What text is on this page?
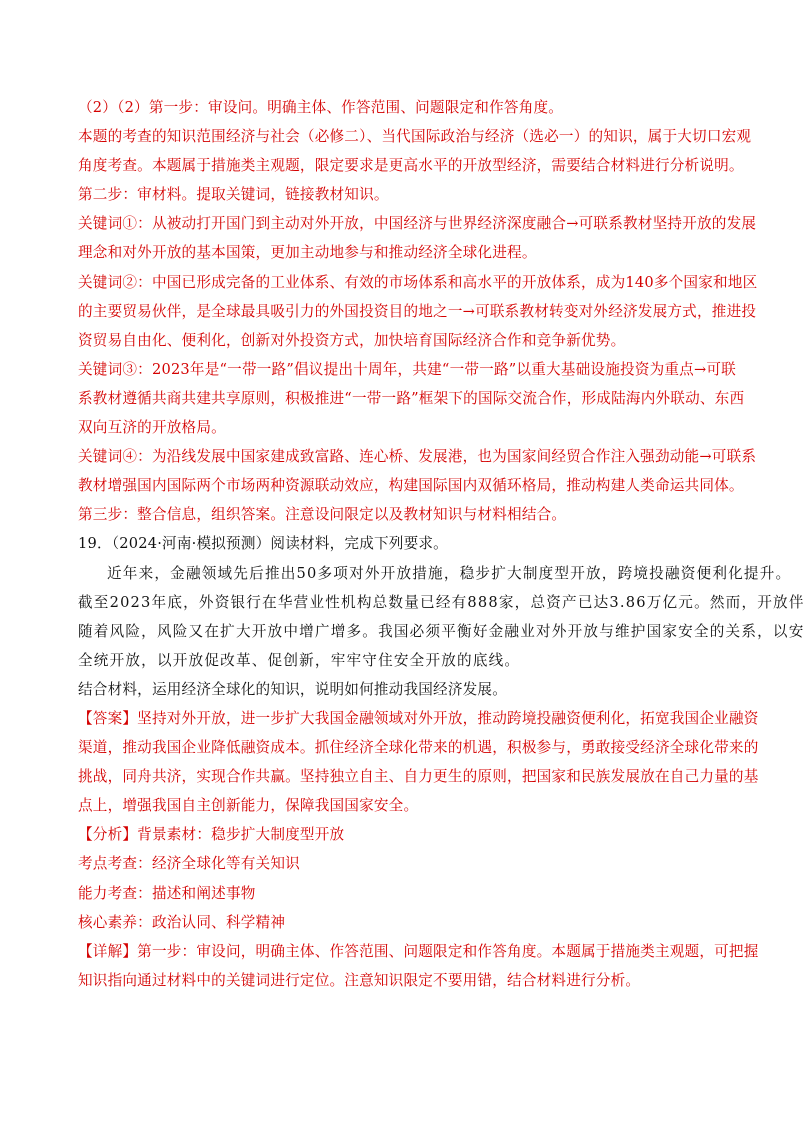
（2）（2）第一步：审设问。明确主体、作答范围、问题限定和作答角度。
本题的考查的知识范围经济与社会（必修二）、当代国际政治与经济（选必一）的知识，属于大切口宏观
角度考查。本题属于措施类主观题，限定要求是更高水平的开放型经济，需要结合材料进行分析说明。
第二步：审材料。提取关键词，链接教材知识。
关键词①：从被动打开国门到主动对外开放，中国经济与世界经济深度融合→可联系教材坚持开放的发展
理念和对外开放的基本国策，更加主动地参与和推动经济全球化进程。
关键词②：中国已形成完备的工业体系、有效的市场体系和高水平的开放体系，成为140多个国家和地区
的主要贸易伙伴，是全球最具吸引力的外国投资目的地之一→可联系教材转变对外经济发展方式，推进投
资贸易自由化、便利化，创新对外投资方式，加快培育国际经济合作和竞争新优势。
关键词③：2023年是“一带一路”倡议提出十周年，共建“一带一路”以重大基础设施投资为重点→可联
系教材遵循共商共建共享原则，积极推进“一带一路”框架下的国际交流合作，形成陆海内外联动、东西
双向互济的开放格局。
关键词④：为沿线发展中国家建成致富路、连心桥、发展港，也为国家间经贸合作注入强劲动能→可联系
教材增强国内国际两个市场两种资源联动效应，构建国际国内双循环格局，推动构建人类命运共同体。
第三步：整合信息，组织答案。注意设问限定以及教材知识与材料相结合。
19．（2024·河南·模拟预测）阅读材料，完成下列要求。
近年来，金融领域先后推出50多项对外开放措施，稳步扩大制度型开放，跨境投融资便利化提升。
截至2023年底，外资银行在华营业性机构总数量已经有888家，总资产已达3.86万亿元。然而，开放伴
随着风险，风险又在扩大开放中增广增多。我国必须平衡好金融业对外开放与维护国家安全的关系，以安
全统开放，以开放促改革、促创新，牢牢守住安全开放的底线。
结合材料，运用经济全球化的知识，说明如何推动我国经济发展。
【答案】坚持对外开放，进一步扩大我国金融领域对外开放，推动跨境投融资便利化，拓宽我国企业融资
渠道，推动我国企业降低融资成本。抓住经济全球化带来的机遇，积极参与，勇敢接受经济全球化带来的
挑战，同舟共济，实现合作共赢。坚持独立自主、自力更生的原则，把国家和民族发展放在自己力量的基
点上，增强我国自主创新能力，保障我国国家安全。
【分析】背景素材：稳步扩大制度型开放
考点考查：经济全球化等有关知识
能力考查：描述和阐述事物
核心素养：政治认同、科学精神
【详解】第一步：审设问，明确主体、作答范围、问题限定和作答角度。本题属于措施类主观题，可把握
知识指向通过材料中的关键词进行定位。注意知识限定不要用错，结合材料进行分析。
